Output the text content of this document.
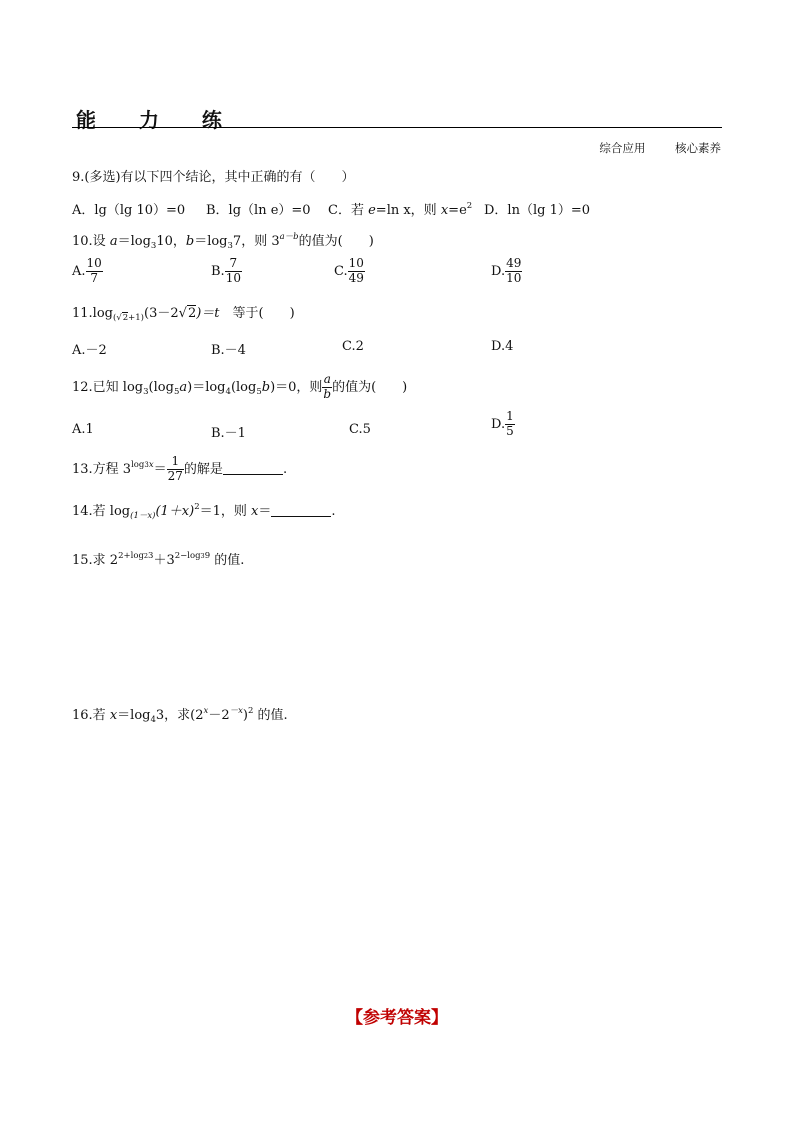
能 力 练
综合应用	核心素养
9.(多选)有以下四个结论，其中正确的有（　　）
A．lg（lg 10）=0 B．lg（ln e）=0 C．若 e=ln x，则 $x=e^2$ D．ln（lg 1）=0
10.设 $a=\log_310$，$b=\log_37$，则 $3^{a-b}$的值为(　　)
A. $\frac{10}{7}$	B. $\frac{7}{10}$	C. $\frac{10}{49}$	D. $\frac{49}{10}$
$11.\log_{(√2+1)}(3-2√2)=t$　等于(　　)
A.－2	B.－4	C.2	D.4
12.已知 $\log_3(\log_5a)=\log_4(\log_5b)=0$，则 $\frac{a}{b}$ 的值为(　　)
A.1	B.－1	C.5	D. $\frac{1}{5}$
13.方程 $3^{log3x}= \frac{1}{27}$ 的解是	.
14.若 $\log_{(1-x)}(1+x)^2=1$，则 x＝	.
15.求 $2^{2+log23}+3^{2-log39}$ 的值.
16.若 $x=\log_43$，求$(2^x-2^{-x})^2$ 的值.
【参考答案】
